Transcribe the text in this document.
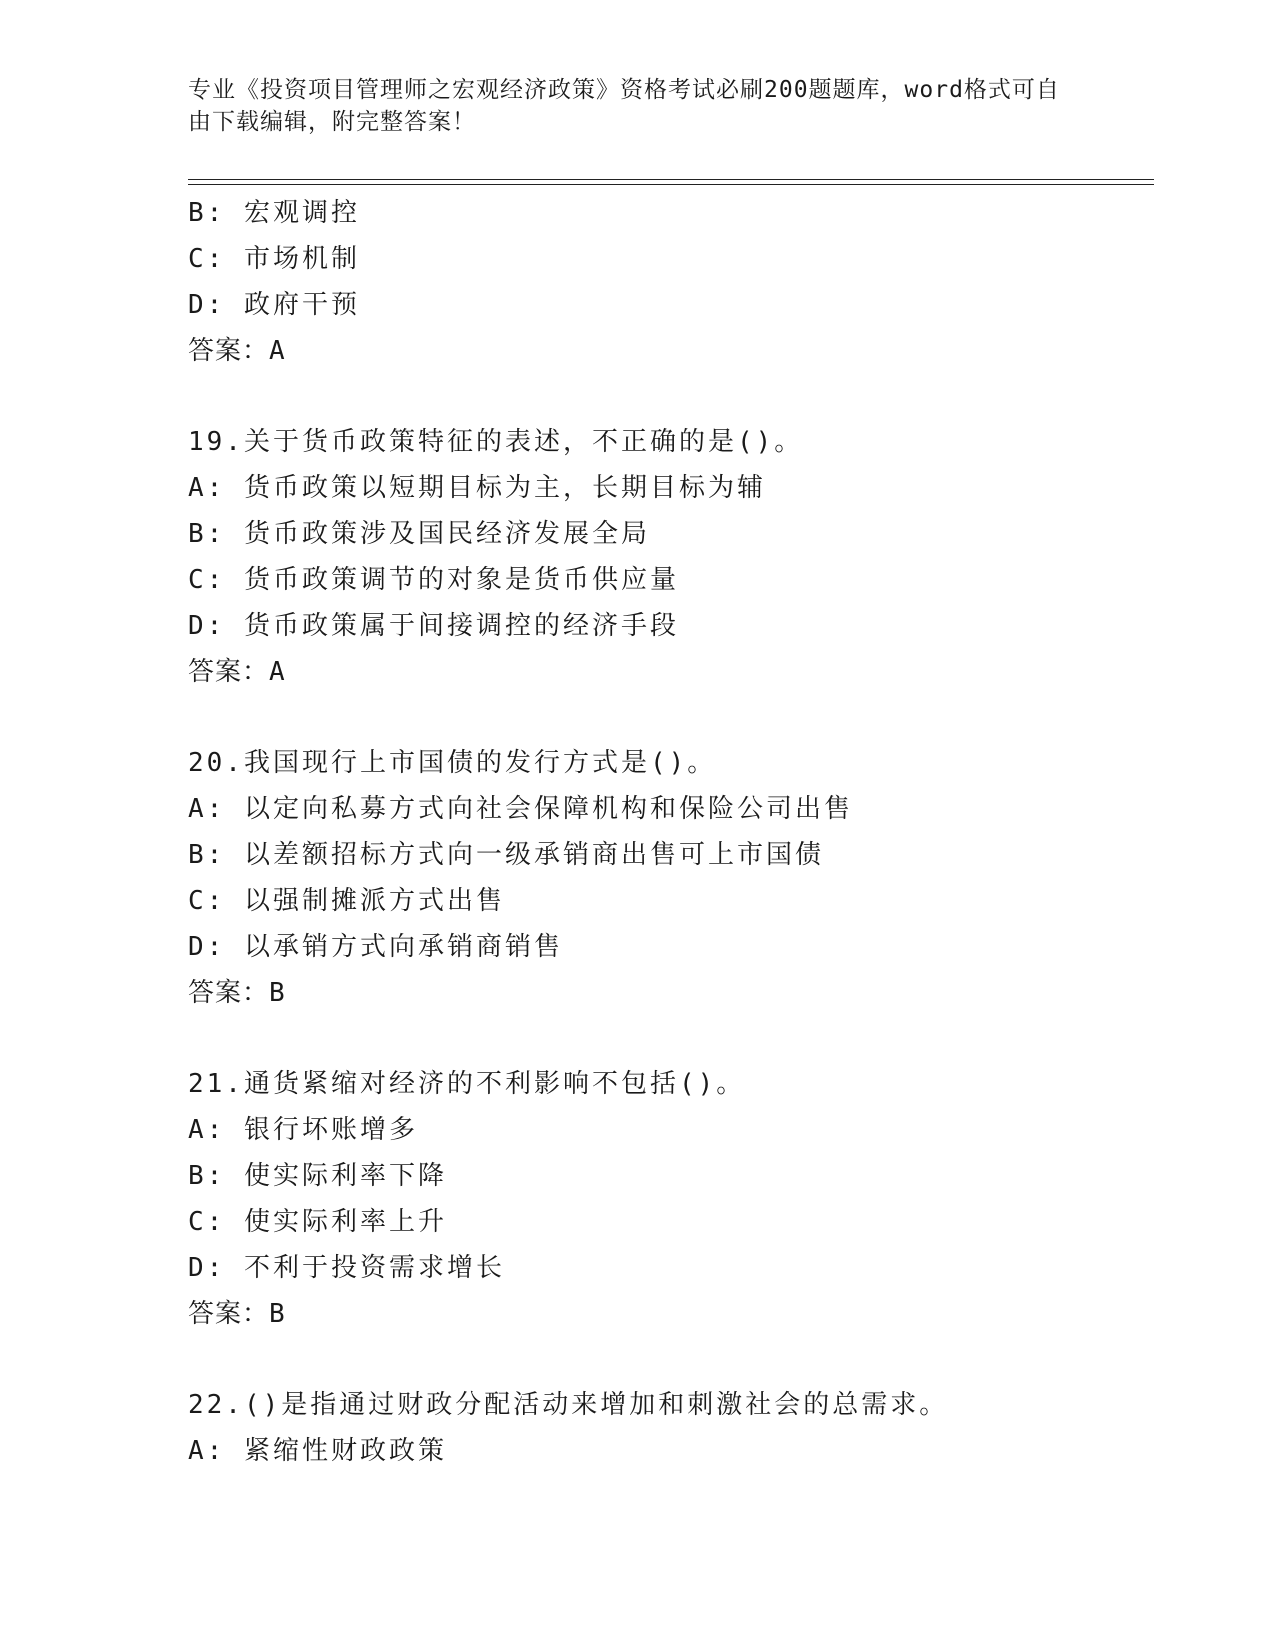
专业《投资项目管理师之宏观经济政策》资格考试必刷200题题库，word格式可自由下载编辑，附完整答案！
B: 宏观调控
C: 市场机制
D: 政府干预
答案：A
19.关于货币政策特征的表述，不正确的是()。
A: 货币政策以短期目标为主，长期目标为辅
B: 货币政策涉及国民经济发展全局
C: 货币政策调节的对象是货币供应量
D: 货币政策属于间接调控的经济手段
答案：A
20.我国现行上市国债的发行方式是()。
A: 以定向私募方式向社会保障机构和保险公司出售
B: 以差额招标方式向一级承销商出售可上市国债
C: 以强制摊派方式出售
D: 以承销方式向承销商销售
答案：B
21.通货紧缩对经济的不利影响不包括()。
A: 银行坏账增多
B: 使实际利率下降
C: 使实际利率上升
D: 不利于投资需求增长
答案：B
22.()是指通过财政分配活动来增加和刺激社会的总需求。
A: 紧缩性财政政策
